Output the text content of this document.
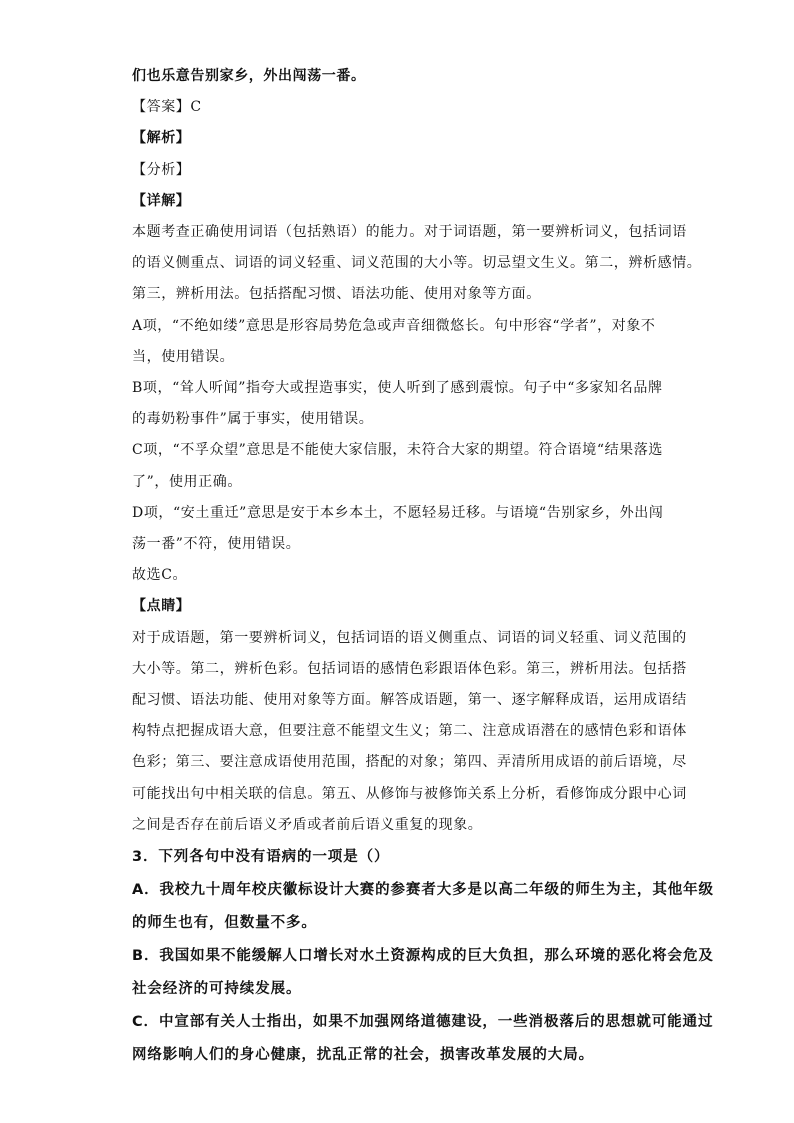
们也乐意告别家乡，外出闯荡一番。

【答案】C

【解析】

【分析】

【详解】

本题考查正确使用词语（包括熟语）的能力。对于词语题，第一要辨析词义，包括词语

的语义侧重点、词语的词义轻重、词义范围的大小等。切忌望文生义。第二，辨析感情。

第三，辨析用法。包括搭配习惯、语法功能、使用对象等方面。

A项，“不绝如缕”意思是形容局势危急或声音细微悠长。句中形容“学者”，对象不

当，使用错误。

B项，“耸人听闻”指夸大或捏造事实，使人听到了感到震惊。句子中“多家知名品牌

的毒奶粉事件”属于事实，使用错误。

C项，“不孚众望”意思是不能使大家信服，未符合大家的期望。符合语境“结果落选

了”，使用正确。

D项，“安土重迁”意思是安于本乡本土，不愿轻易迁移。与语境“告别家乡，外出闯

荡一番”不符，使用错误。

故选C。

【点睛】

对于成语题，第一要辨析词义，包括词语的语义侧重点、词语的词义轻重、词义范围的

大小等。第二，辨析色彩。包括词语的感情色彩跟语体色彩。第三，辨析用法。包括搭

配习惯、语法功能、使用对象等方面。解答成语题，第一、逐字解释成语，运用成语结

构特点把握成语大意，但要注意不能望文生义；第二、注意成语潜在的感情色彩和语体

色彩；第三、要注意成语使用范围，搭配的对象；第四、弄清所用成语的前后语境，尽

可能找出句中相关联的信息。第五、从修饰与被修饰关系上分析，看修饰成分跟中心词

之间是否存在前后语义矛盾或者前后语义重复的现象。

3．下列各句中没有语病的一项是（）

A．我校九十周年校庆徽标设计大赛的参赛者大多是以高二年级的师生为主，其他年级

的师生也有，但数量不多。

B．我国如果不能缓解人口增长对水土资源构成的巨大负担，那么环境的恶化将会危及

社会经济的可持续发展。

C．中宣部有关人士指出，如果不加强网络道德建设，一些消极落后的思想就可能通过

网络影响人们的身心健康，扰乱正常的社会，损害改革发展的大局。
